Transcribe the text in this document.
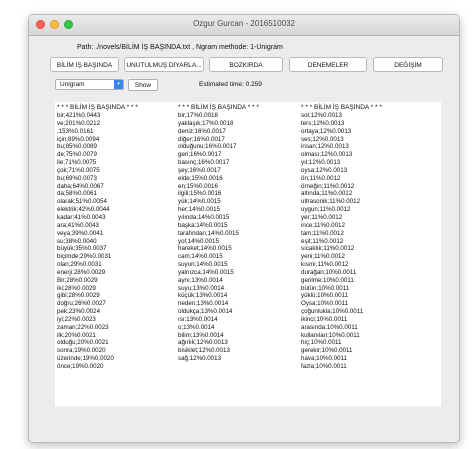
Ozgur Gurcan - 2016510032
Path: ./novels/BİLİM İŞ BAŞINDA.txt , Ngram methode: 1-Unigram
BİLİM İŞ BAŞINDA	UNUTULMUŞ DİYARLA...	BOZKIRDA	DENEMELER	DEĞİŞİM
Unigram	▾	Show	Estimated time: 0.259
* * * BİLİM İŞ BAŞINDA * * *
bir;421%0.0443
ve;201%0.0212
;153%0.0161
için;89%0.0094
bu;85%0.0089
de;75%0.0079
ile;71%0.0075
çok;71%0.0075
bu;69%0.0073
daha;64%0.0067
da;58%0.0061
olarak;51%0.0054
elektrik;42%0.0044
kadar;41%0.0043
ara;41%0.0043
veya;39%0.0041
su;38%0.0040
büyük;35%0.0037
biçimde;29%0.0031
olan;29%0.0031
enerji;28%0.0029
Bir;28%0.0029
iki;28%0.0029
gibi;28%0.0029
doğru;26%0.0027
pek;23%0.0024
iyi;22%0.0023
zaman;22%0.0023
ilk;20%0.0021
olduğu;20%0.0021
sonra;19%0.0020
üzerinde;19%0.0020
önce;19%0.0020
* * * BİLİM İŞ BAŞINDA * * *
bir;17%0.0018
yaklaşık;17%0.0018
deniz;16%0.0017
diğer;16%0.0017
olduğunu;16%0.0017
geri;16%0.0017
basınç;16%0.0017
şey;16%0.0017
elde;15%0.0016
en;15%0.0016
ilgili;15%0.0016
yük;14%0.0015
her;14%0.0015
yılında;14%0.0015
başka;14%0.0015
tarafından;14%0.0015
yol;14%0.0015
hareket;14%0.0015
cam;14%0.0015
suyun;14%0.0015
yalnızca;14%0.0015
aynı;13%0.0014
suyu;13%0.0014
küçük;13%0.0014
neden;13%0.0014
oldukça;13%0.0014
ısı;13%0.0014
o;13%0.0014
bilim;13%0.0014
ağırlık;12%0.0013
bisiklet;12%0.0013
sağ;12%0.0013
* * * BİLİM İŞ BAŞINDA * * *
sol;12%0.0013
ters;12%0.0013
ortaya;12%0.0013
ses;12%0.0013
insan;12%0.0013
olması;12%0.0013
yıl;12%0.0013
oysa;12%0.0013
ön;11%0.0012
örneğin;11%0.0012
altında;11%0.0012
ultrasonik;11%0.0012
uygun;11%0.0012
yer;11%0.0012
ince;11%0.0012
tam;11%0.0012
eşit;11%0.0012
sıcaklık;11%0.0012
yeni;11%0.0012
kısmı;11%0.0012
durağan;10%0.0011
gerilme;10%0.0011
bütün;10%0.0011
yüklü;10%0.0011
Oysa;10%0.0011
çoğunlukla;10%0.0011
ikinci;10%0.0011
arasında;10%0.0011
kullanılan;10%0.0011
hiç;10%0.0011
gerekir;10%0.0011
hava;10%0.0011
fazla;10%0.0011
